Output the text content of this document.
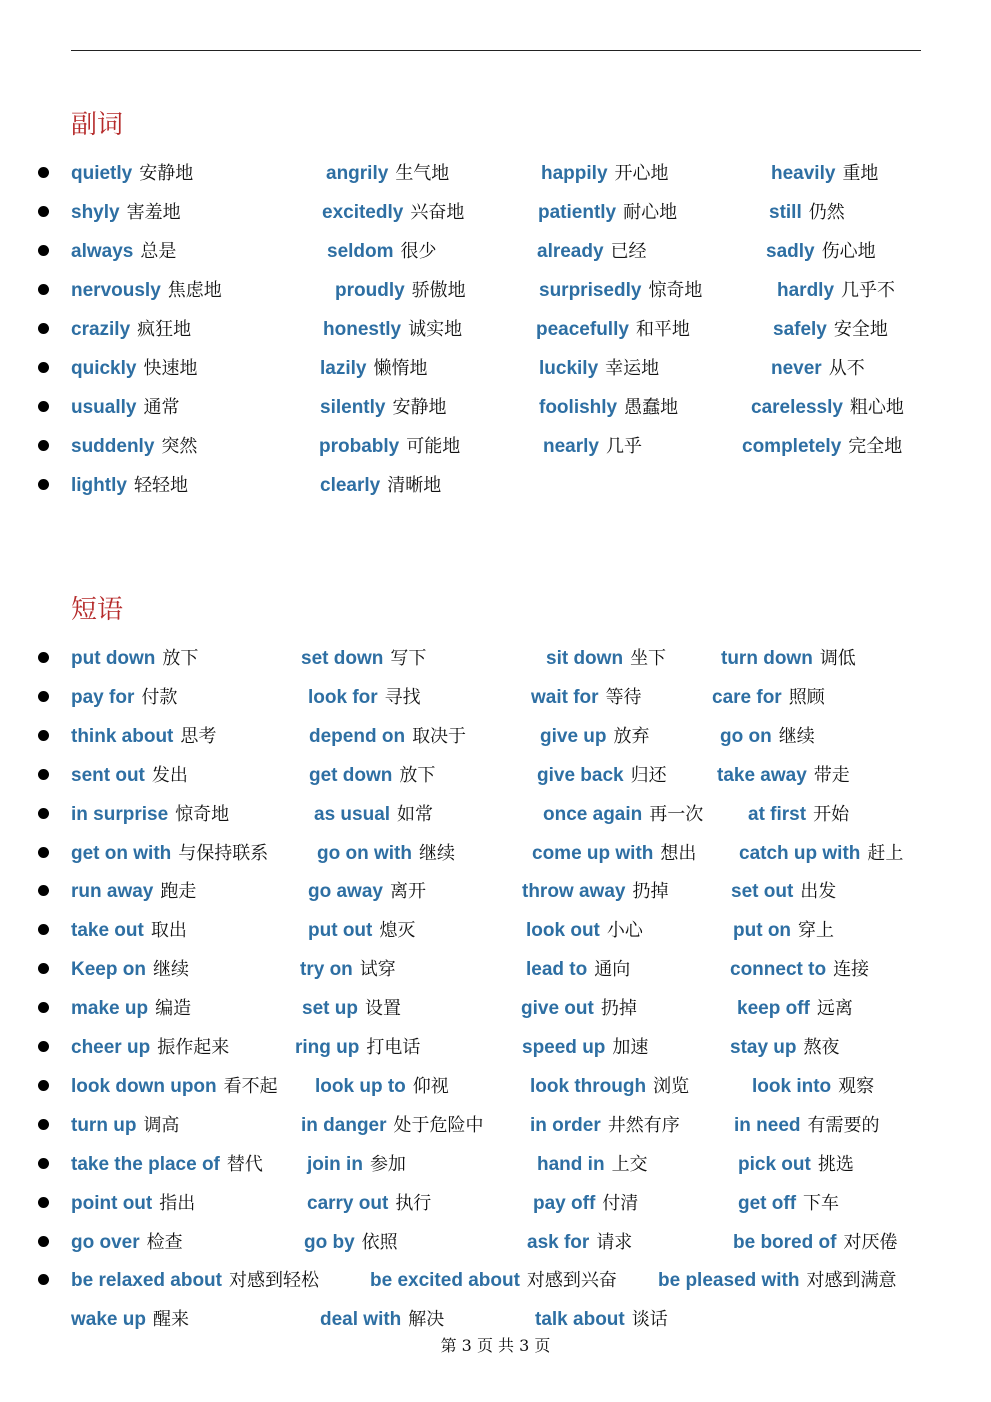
副词
quietly 安静地	angrily 生气地	happily 开心地	heavily 重地
shyly 害羞地	excitedly 兴奋地	patiently 耐心地	still 仍然
always 总是	seldom 很少	already 已经	sadly 伤心地
nervously 焦虑地	proudly 骄傲地	surprisedly 惊奇地	hardly 几乎不
crazily 疯狂地	honestly 诚实地	peacefully 和平地	safely 安全地
quickly 快速地	lazily 懒惰地	luckily 幸运地	never 从不
usually 通常	silently 安静地	foolishly 愚蠢地	carelessly 粗心地
suddenly 突然	probably 可能地	nearly 几乎	completely 完全地
lightly 轻轻地	clearly 清晰地
短语
put down 放下	set down 写下	sit down 坐下	turn down 调低
pay for 付款	look for 寻找	wait for 等待	care for 照顾
think about 思考	depend on 取决于	give up 放弃	go on 继续
sent out 发出	get down 放下	give back 归还	take away 带走
in surprise 惊奇地	as usual 如常	once again 再一次 at first 开始
get on with 与保持联系	go on with 继续	come up with 想出 catch up with 赶上
run away 跑走	go away 离开	throw away 扔掉	set out 出发
take out 取出	put out 熄灭	look out 小心	put on 穿上
Keep on 继续	try on 试穿	lead to 通向	connect to 连接
make up 编造	set up 设置	give out 扔掉	keep off 远离
cheer up 振作起来	ring up 打电话	speed up 加速	stay up 熬夜
look down upon 看不起 look up to 仰视	look through 浏览	look into 观察
turn up 调高	in danger 处于危险中 in order 井然有序	in need 有需要的
take the place of 替代 join in 参加	hand in 上交	pick out 挑选
point out 指出	carry out 执行	pay off 付清	get off 下车
go over 检查	go by 依照	ask for 请求	be bored of 对厌倦
be relaxed about 对感到轻松	be excited about 对感到兴奋 be pleased with 对感到满意
wake up 醒来	deal with 解决	talk about 谈话
第 3 页 共 3 页
